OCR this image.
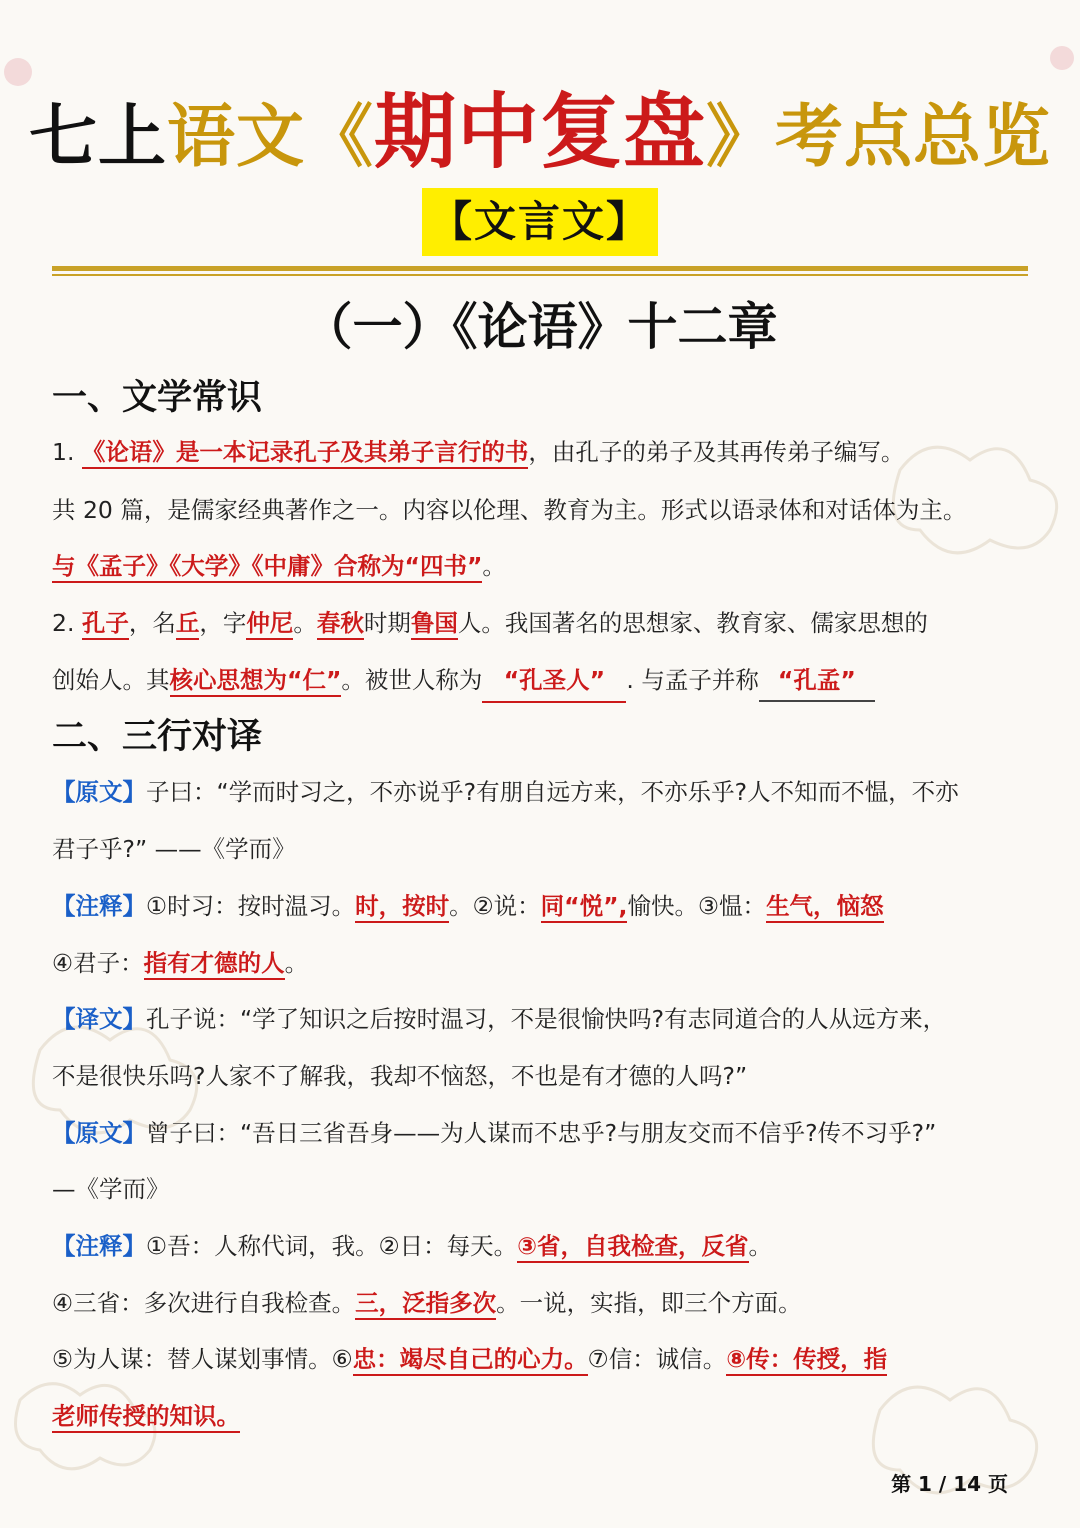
七上语文《期中复盘》考点总览
【文言文】
（一）《论语》十二章
一、文学常识
1. 《论语》是一本记录孔子及其弟子言行的书，由孔子的弟子及其再传弟子编写。
共 20 篇，是儒家经典著作之一。内容以伦理、教育为主。形式以语录体和对话体为主。
与《孟子》《大学》《中庸》合称为“四书”。
2. 孔子，名丘，字仲尼。春秋时期鲁国人。我国著名的思想家、教育家、儒家思想的
创始人。其核心思想为“仁”。被世人称为 “孔圣人” . 与孟子并称 “孔孟”
二、三行对译
【原文】子曰：“学而时习之，不亦说乎?有朋自远方来，不亦乐乎?人不知而不愠，不亦
君子乎?” ——《学而》
【注释】①时习：按时温习。时，按时。②说：同“悦”,愉快。③愠：生气，恼怒
④君子：指有才德的人。
【译文】孔子说：“学了知识之后按时温习，不是很愉快吗?有志同道合的人从远方来，
不是很快乐吗?人家不了解我，我却不恼怒，不也是有才德的人吗?”
【原文】曾子曰：“吾日三省吾身——为人谋而不忠乎?与朋友交而不信乎?传不习乎?”
—《学而》
【注释】①吾：人称代词，我。②日：每天。③省，自我检查，反省。
④三省：多次进行自我检查。三，泛指多次。一说，实指，即三个方面。
⑤为人谋：替人谋划事情。⑥忠：竭尽自己的心力。⑦信：诚信。⑧传：传授，指
老师传授的知识。
第 1 / 14 页
